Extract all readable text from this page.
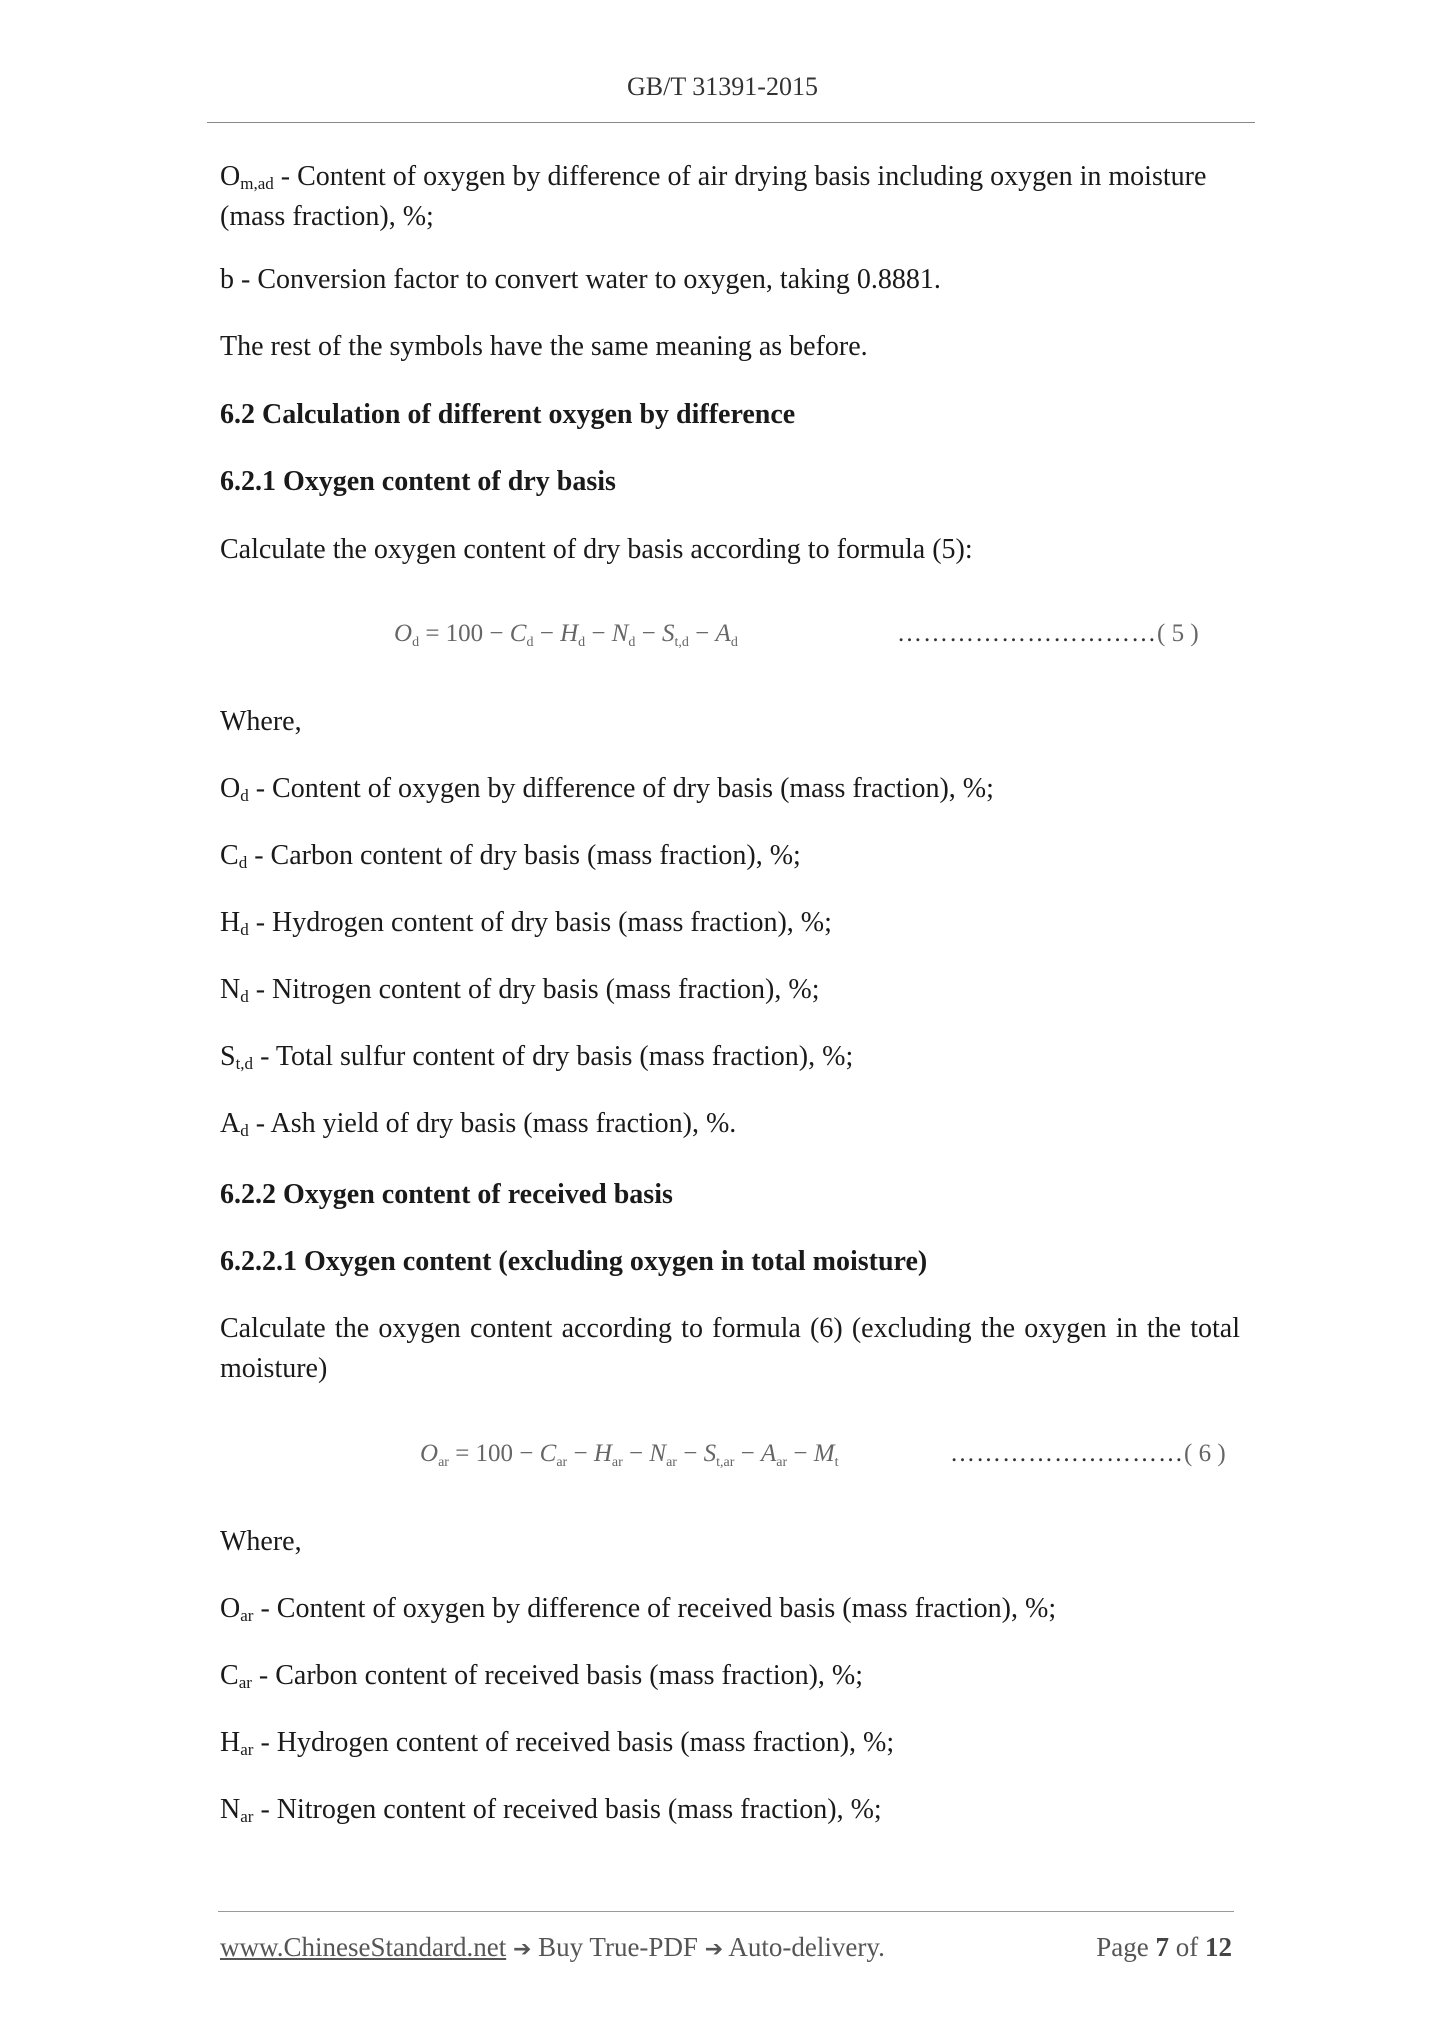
GB/T 31391-2015

$O_{m,ad}$ - Content of oxygen by difference of air drying basis including oxygen in moisture (mass fraction), %;

b - Conversion factor to convert water to oxygen, taking 0.8881.

The rest of the symbols have the same meaning as before.

6.2 Calculation of different oxygen by difference

6.2.1 Oxygen content of dry basis

Calculate the oxygen content of dry basis according to formula (5):

$O_d = 100 - C_d - H_d - N_d - S_{t,d} - A_d$	…………………………( 5 )

Where,

$O_d$ - Content of oxygen by difference of dry basis (mass fraction), %;

$C_d$ - Carbon content of dry basis (mass fraction), %;

$H_d$ - Hydrogen content of dry basis (mass fraction), %;

$N_d$ - Nitrogen content of dry basis (mass fraction), %;

$S_{t,d}$ - Total sulfur content of dry basis (mass fraction), %;

$A_d$ - Ash yield of dry basis (mass fraction), %.

6.2.2 Oxygen content of received basis

6.2.2.1 Oxygen content (excluding oxygen in total moisture)

Calculate the oxygen content according to formula (6) (excluding the oxygen in the total moisture)

$O_{ar} = 100 - C_{ar} - H_{ar} - N_{ar} - S_{t,ar} - A_{ar} - M_t$	………………………( 6 )

Where,

$O_{ar}$ - Content of oxygen by difference of received basis (mass fraction), %;

$C_{ar}$ - Carbon content of received basis (mass fraction), %;

$H_{ar}$ - Hydrogen content of received basis (mass fraction), %;

$N_{ar}$ - Nitrogen content of received basis (mass fraction), %;

www.ChineseStandard.net ➔ Buy True-PDF ➔ Auto-delivery.	Page 7 of 12
